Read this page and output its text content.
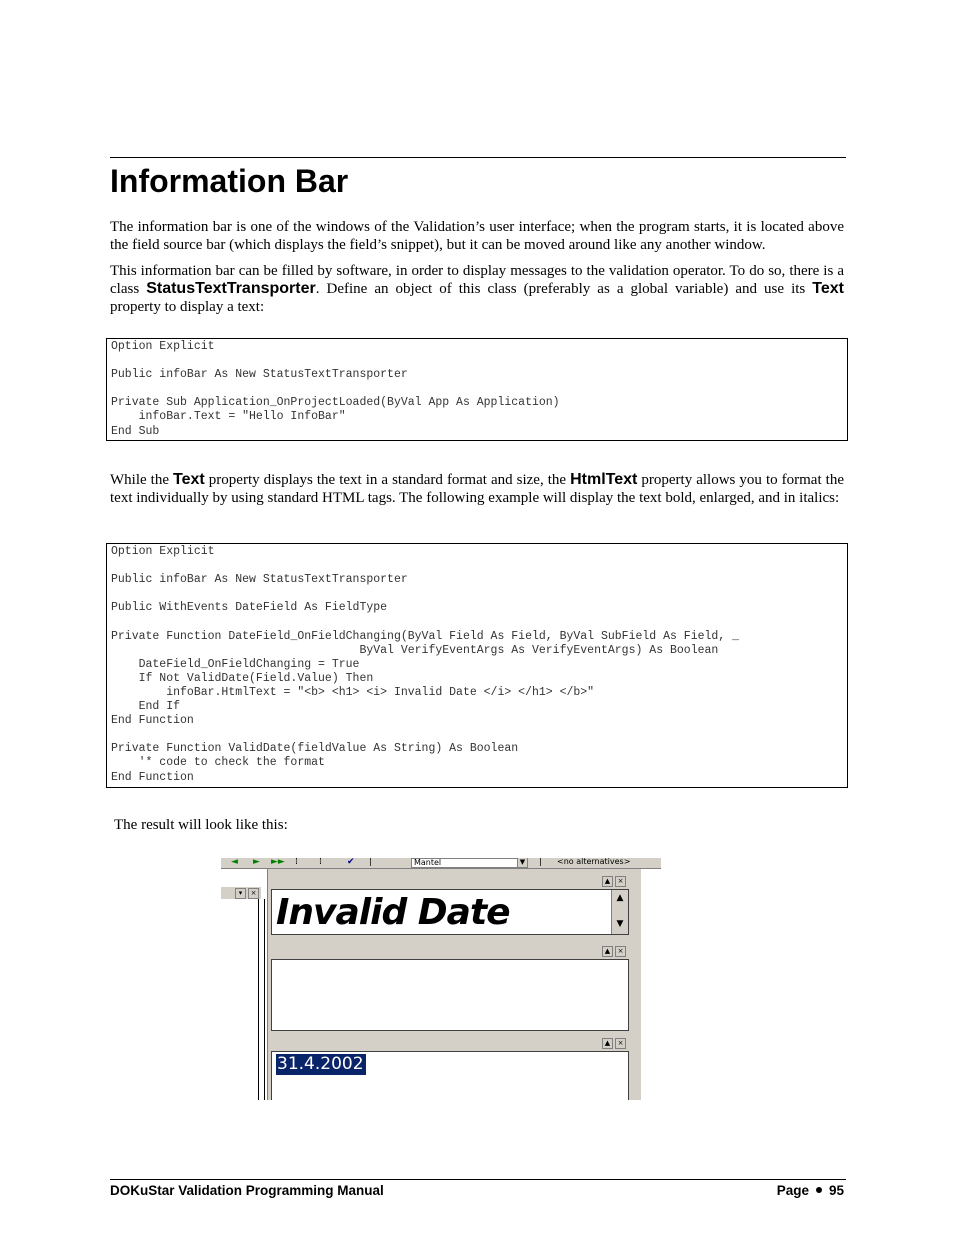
Information Bar

The information bar is one of the windows of the Validation’s user interface; when the program starts, it is located above the field source bar (which displays the field’s snippet), but it can be moved around like any another window.

This information bar can be filled by software, in order to display messages to the validation operator. To do so, there is a class StatusTextTransporter. Define an object of this class (preferably as a global variable) and use its Text property to display a text:

Option Explicit

Public infoBar As New StatusTextTransporter

Private Sub Application_OnProjectLoaded(ByVal App As Application)
infoBar.Text = "Hello InfoBar"
End Sub

While the Text property displays the text in a standard format and size, the HtmlText property allows you to format the text individually by using standard HTML tags. The following example will display the text bold, enlarged, and in italics:

Option Explicit

Public infoBar As New StatusTextTransporter

Public WithEvents DateField As FieldType

Private Function DateField_OnFieldChanging(ByVal Field As Field, ByVal SubField As Field, _
ByVal VerifyEventArgs As VerifyEventArgs) As Boolean
DateField_OnFieldChanging = True
If Not ValidDate(Field.Value) Then
infoBar.HtmlText = "<b> <h1> <i> Invalid Date </i> </h1> </b>"
End If
End Function

Private Function ValidDate(fieldValue As String) As Boolean
'* code to check the format
End Function

The result will look like this:

◄ ► ►► ⁞ ⁞	✔ |	Mantel	▼	| <no alternatives>
▾	×
▲	×
Invalid Date	▲
▼
▲	×
▲	×
31.4.2002
DOKuStar Validation Programming Manual	Page 95
